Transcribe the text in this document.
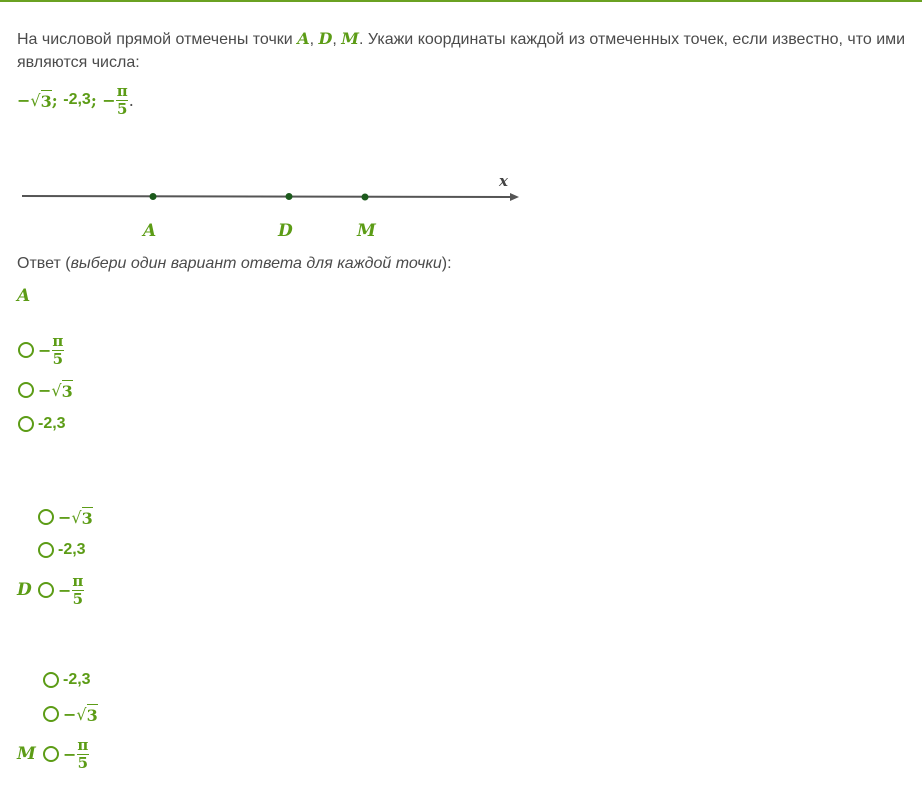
На числовой прямой отмечены точки A, D, M. Укажи координаты каждой из отмеченных точек, если известно, что ими являются числа:
− √ 3 ;
-2,3 ;
− $\frac{\pi}{5}$ .
x
A	D	M
Ответ (выбери один вариант ответа для каждой точки):
A
− $\frac{\pi}{5}$
− √ 3
-2,3
− √ 3
-2,3
$D - \frac{\pi}{5}$
-2,3
− √ 3
$M - \frac{\pi}{5}$
